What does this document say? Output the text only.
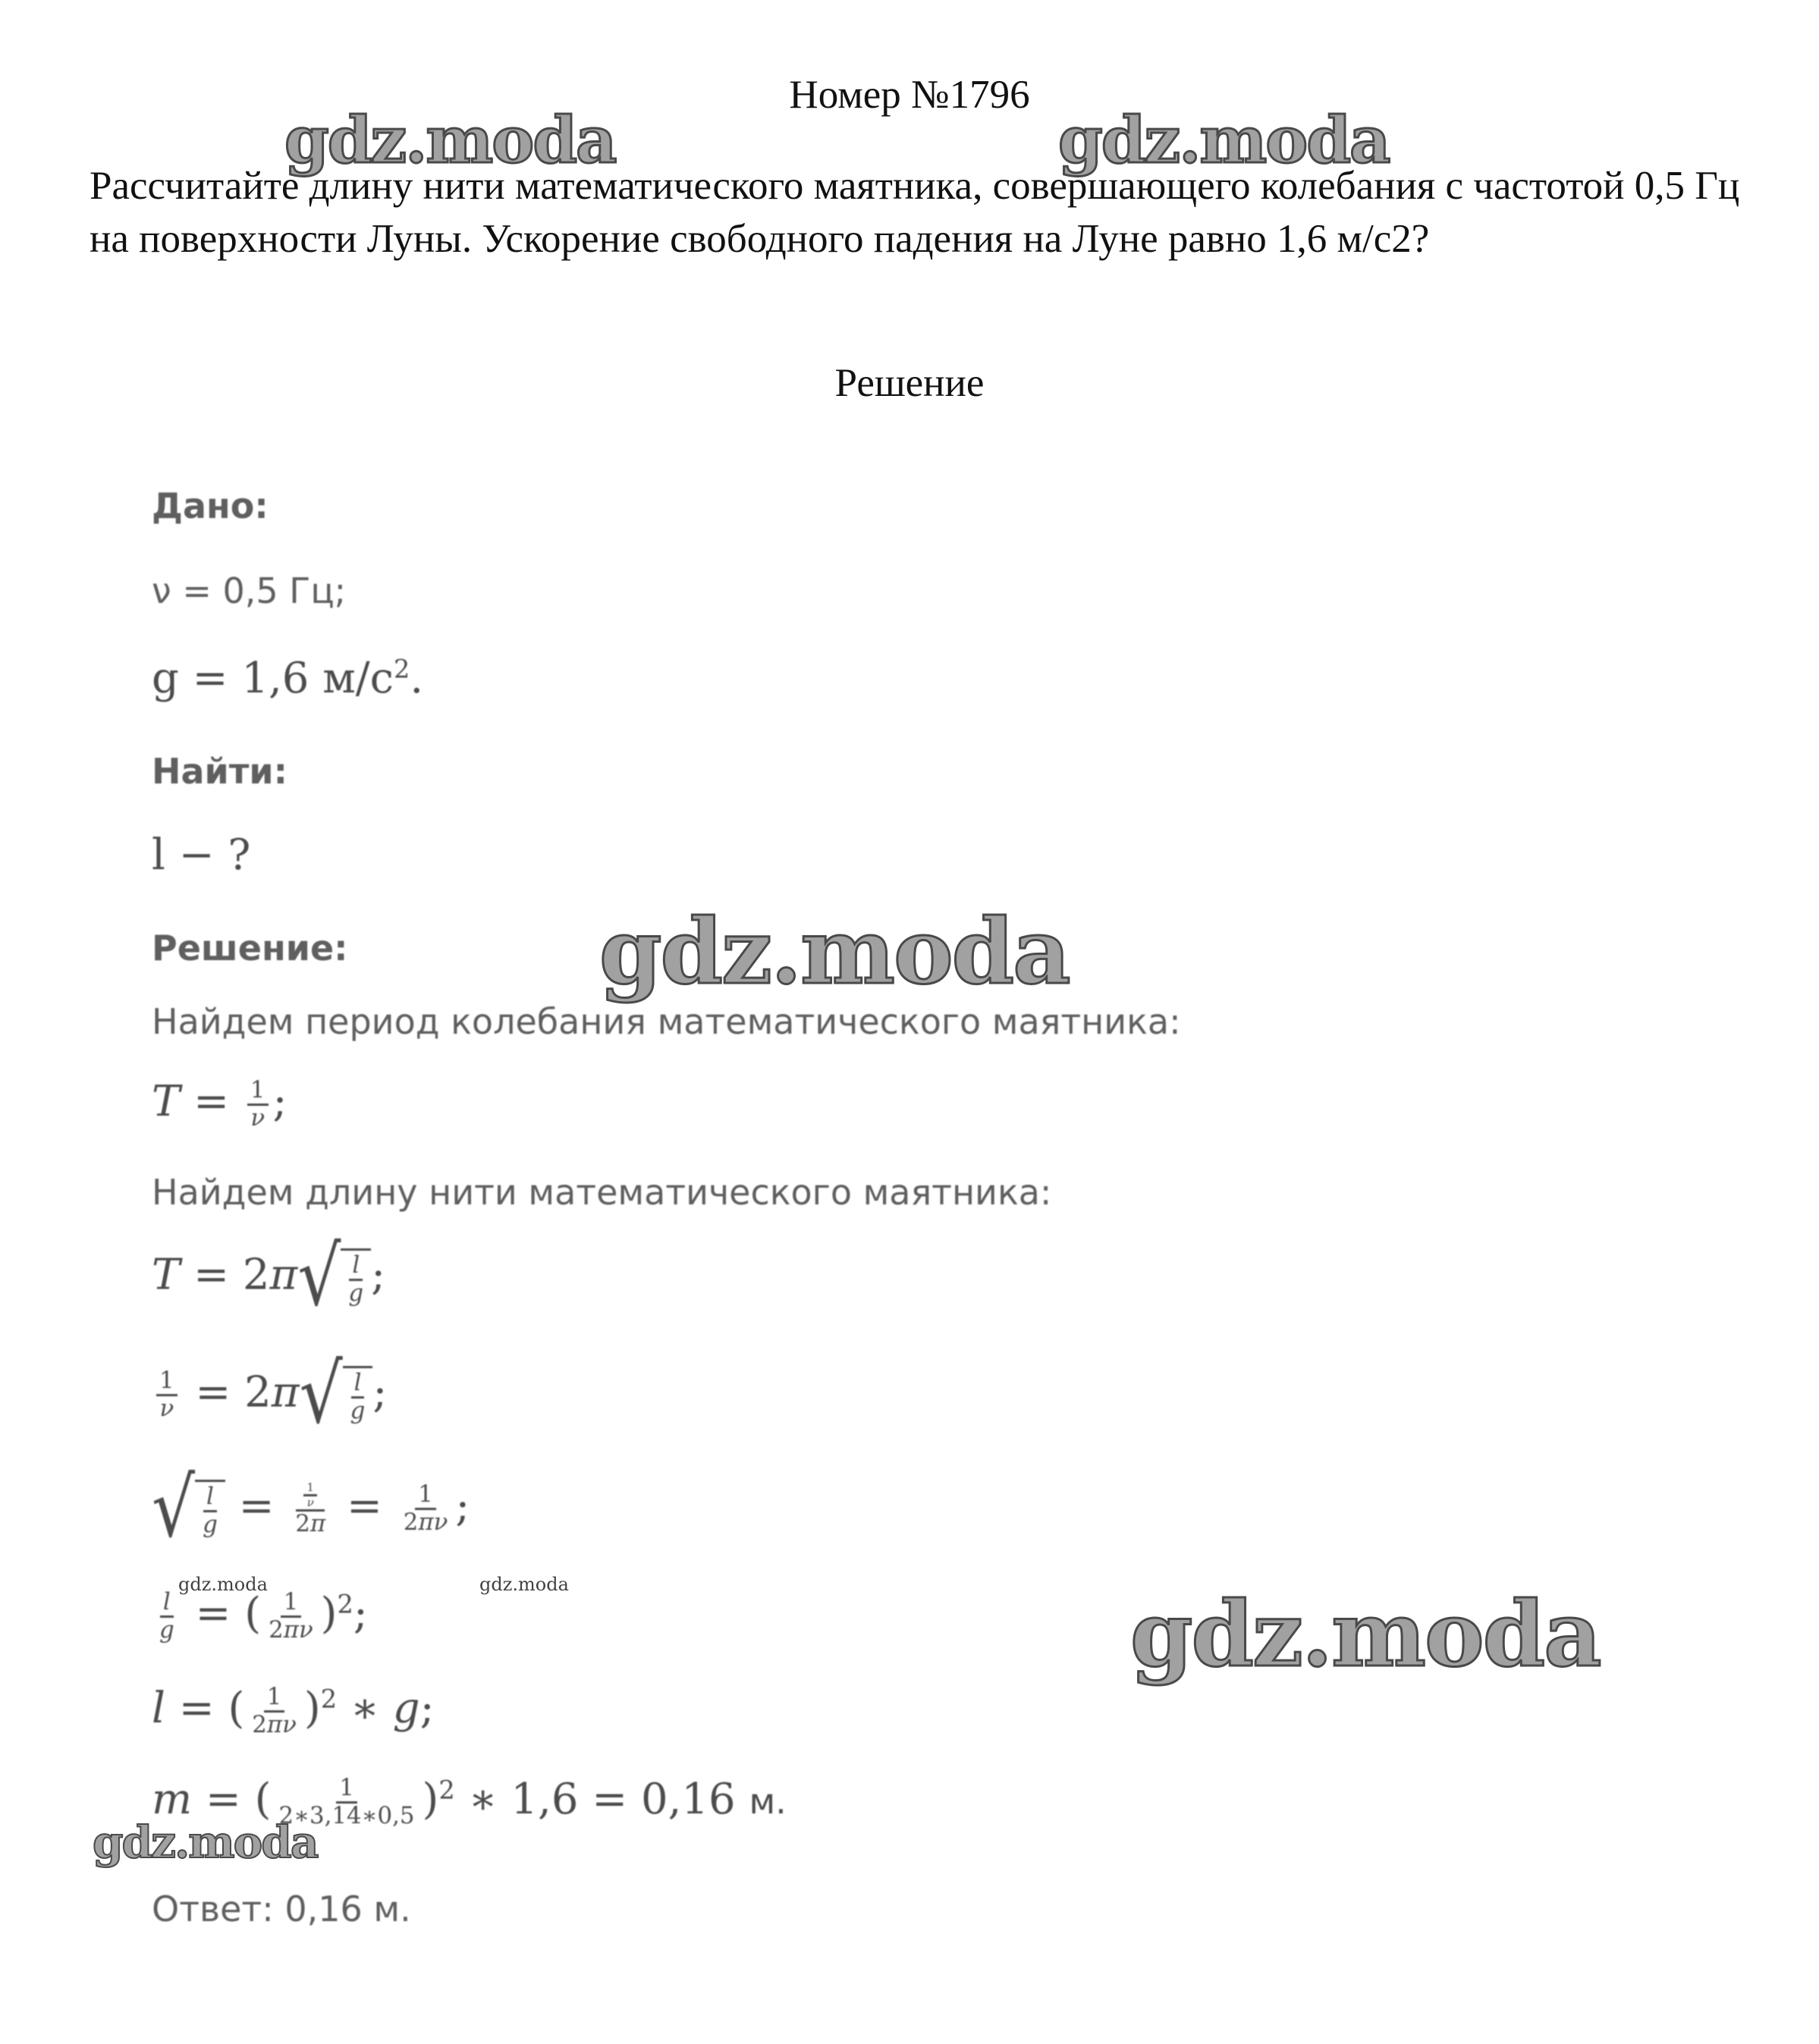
Номер №1796
Рассчитайте длину нити математического маятника, совершающего колебания с частотой 0,5 Гц на поверхности Луны. Ускорение свободного падения на Луне равно 1,6 м/с2?
Решение
Дано:
ν = 0,5 Гц;
g = 1,6 $м/с^2$.
Найти:
l − ?
Решение:
Найдем период колебания математического маятника:
$T = \frac{1}{\nu}$ ;
Найдем длину нити математического маятника:
T = 2π √ $\frac{l}{g}$ ;
$\frac{1}{\nu} = 2\pi$ √ $\frac{l}{g}$ ;
√ $\frac{l}{g} = \frac{\frac{1}{\nu}}{2\pi} = \frac{1}{2\pi\nu}$ ;
$\frac{l}{g}$ = ( $\frac{1}{2\pi\nu} )^2$;
l = ( $\frac{1}{2\pi\nu} )^2$ ∗ g;
m = ( $\frac{1}{2∗3,14∗0,5} )^2$ ∗ 1,6 = 0,16 м.
Ответ: 0,16 м.
gdz.moda	gdz.moda
gdz.moda
gdz.moda
gdz.moda
gdz.moda	gdz.moda
